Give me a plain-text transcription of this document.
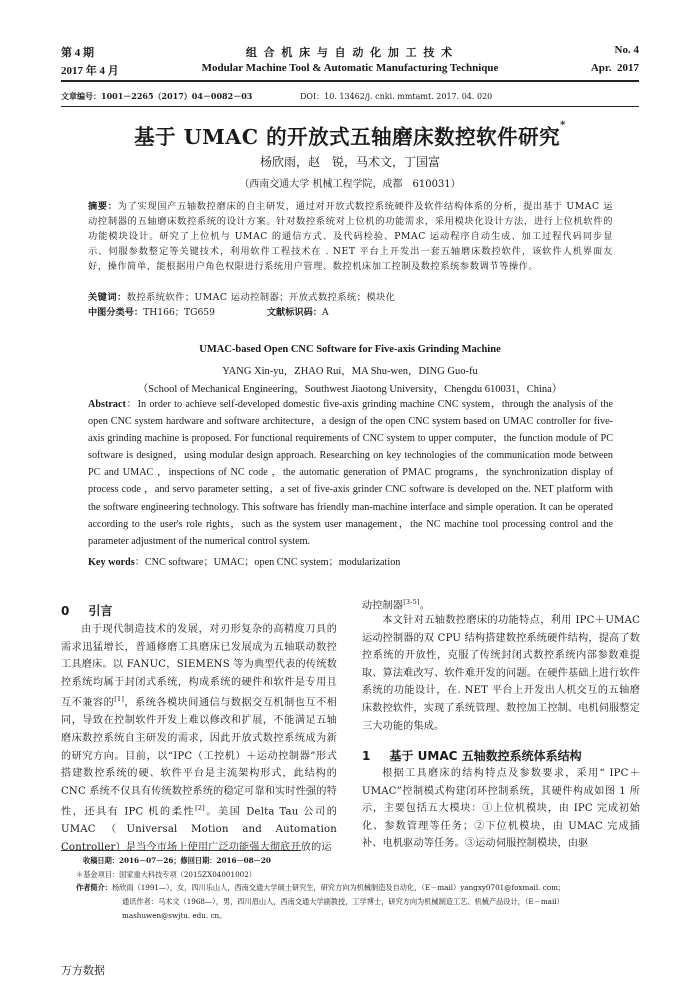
第 4 期
2017 年 4 月
组 合 机 床 与 自 动 化 加 工 技 术
Modular Machine Tool & Automatic Manufacturing Technique
No. 4
Apr.  2017
文章编号：1001－2265（2017）04－0082－03	DOI：10. 13462/j. cnki. mmtamt. 2017. 04. 020
基于 UMAC 的开放式五轴磨床数控软件研究*
杨欣雨，赵　锐，马术文，丁国富
（西南交通大学 机械工程学院，成都　610031）
摘要：为了实现国产五轴数控磨床的自主研发，通过对开放式数控系统硬件及软件结构体系的分析，提出基于 UMAC 运动控制器的五轴磨床数控系统的设计方案。针对数控系统对上位机的功能需求，采用模块化设计方法，进行上位机软件的功能模块设计。研究了上位机与 UMAC 的通信方式、及代码检验、PMAC 运动程序自动生成、加工过程代码同步显示、伺服参数整定等关键技术，利用软件工程技术在 . NET 平台上开发出一套五轴磨床数控软件，该软件人机界面友好，操作简单，能根据用户角色权限进行系统用户管理、数控机床加工控制及数控系统参数调节等操作。
关键词：数控系统软件；UMAC 运动控制器；开放式数控系统；模块化
中图分类号：TH166；TG659	文献标识码：A
UMAC-based Open CNC Software for Five-axis Grinding Machine
YANG Xin-yu，ZHAO Rui，MA Shu-wen，DING Guo-fu
（School of Mechanical Engineering，Southwest Jiaotong University，Chengdu 610031，China）
Abstract：In order to achieve self-developed domestic five-axis grinding machine CNC system，through the analysis of the open CNC system hardware and software architecture，a design of the open CNC system based on UMAC controller for five-axis grinding machine is proposed. For functional requirements of CNC system to upper computer，the function module of PC software is designed，using modular design approach. Researching on key technologies of the communication mode between PC and UMAC ，inspections of NC code ，the automatic generation of PMAC programs，the synchronization display of process code ，and servo parameter setting，a set of five-axis grinder CNC software is developed on the. NET platform with the software engineering technology. This software has friendly man-machine interface and simple operation. It can be operated according to the user's role rights，such as the system user management，the NC machine tool processing control and the parameter adjustment of the numerical control system.
Key words：CNC software；UMAC；open CNC system；modularization
0 引言
由于现代制造技术的发展，对刃形复杂的高精度刀具的需求迅猛增长，普通修磨工具磨床已发展成为五轴联动数控工具磨床。以 FANUC，SIEMENS 等为典型代表的传统数控系统均属于封闭式系统，构成系统的硬件和软件是专用且互不兼容的[1]，系统各模块间通信与数据交互机制也互不相同，导致在控制软件开发上难以修改和扩展，不能满足五轴磨床数控系统自主研发的需求，因此开放式数控系统成为新的研究方向。目前，以“IPC（工控机）＋运动控制器”形式搭建数控系统的硬、软件平台是主流架构形式，此结构的 CNC 系统不仅具有传统数控系统的稳定可靠和实时性强的特性，还具有 IPC 机的柔性[2]。美国 Delta Tau 公司的 UMAC（Universal Motion and Automation Controller）是当今市场上使用广泛功能强大彻底开放的运
动控制器[3-5]。
本文针对五轴数控磨床的功能特点，利用 IPC＋UMAC 运动控制器的双 CPU 结构搭建数控系统硬件结构，提高了数控系统的开放性，克服了传统封闭式数控系统内部参数难提取、算法难改写、软件难开发的问题。在硬件基础上进行软件系统的功能设计，在. NET 平台上开发出人机交互的五轴磨床数控软件，实现了系统管理、数控加工控制、电机伺服整定三大功能的集成。
1 基于 UMAC 五轴数控系统体系结构
根据工具磨床的结构特点及参数要求，采用“ IPC＋UMAC”控制模式构建闭环控制系统，其硬件构成如图 1 所示，主要包括五大模块：①上位机模块，由 IPC 完成初始化、参数管理等任务；②下位机模块，由 UMAC 完成插补、电机驱动等任务。③运动伺服控制模块，由驱
收稿日期：2016－07－26；修回日期：2016－08－20
＊基金项目：国家重大科技专项（2015ZX04001002）
作者简介：杨欣雨（1991—），女，四川乐山人，西南交通大学硕士研究生，研究方向为机械制造及自动化，（E－mail）yangxy0701@foxmail. com；
通讯作者：马术文（1968—），男，四川眉山人，西南交通大学副教授，工学博士，研究方向为机械制造工艺、机械产品设计，（E－mail）
mashuwen@swjtu. edu. cn。
万方数据
